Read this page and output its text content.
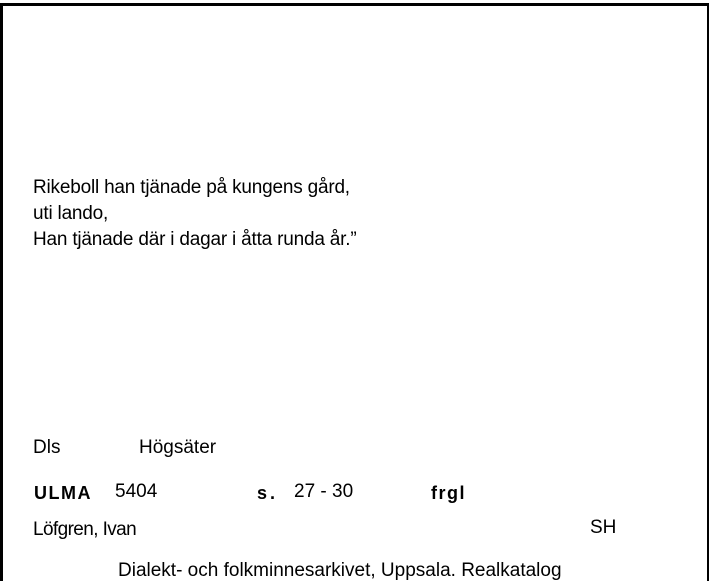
Rikeboll han tjänade på kungens gård,
uti lando,
Han tjänade där i dagar i åtta runda år.”
Dls	Högsäter
ULMA 5404	s. 27 - 30	frgl
Löfgren, Ivan	SH
Dialekt- och folkminnesarkivet, Uppsala. Realkatalog
